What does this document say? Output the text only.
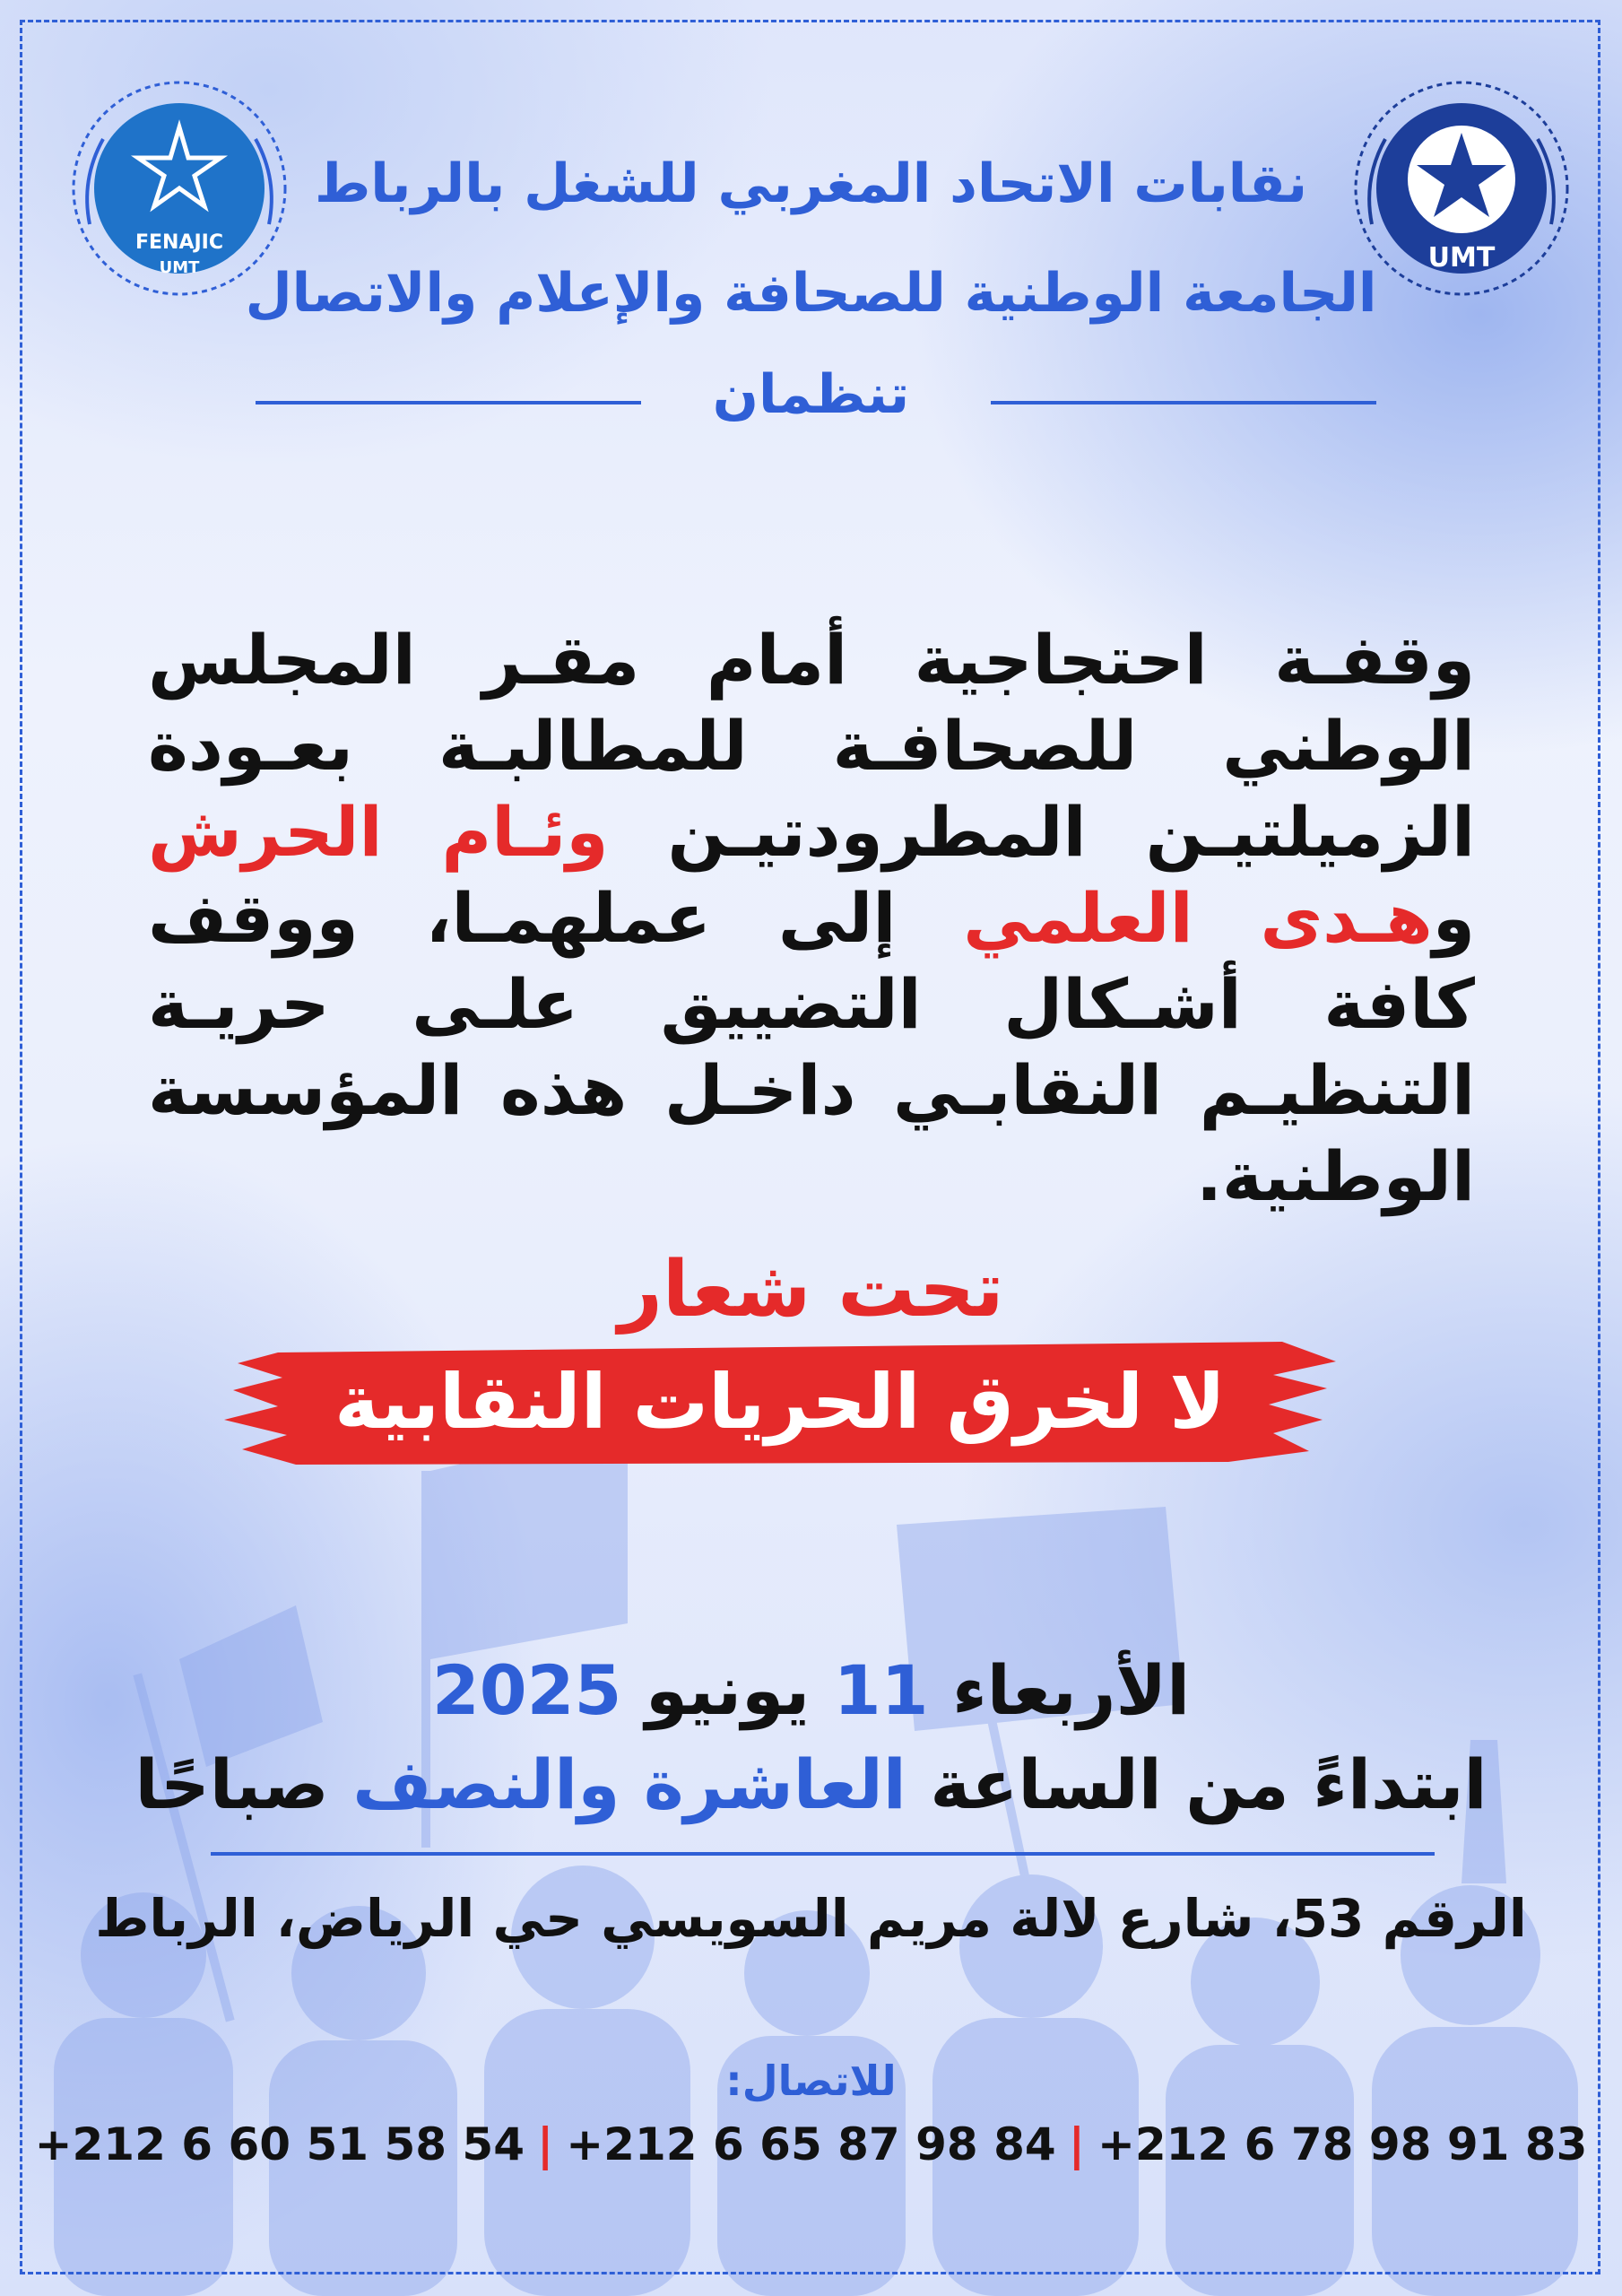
FENAJIC
UMT	UMT
نقابات الاتحاد المغربي للشغل بالرباط
الجامعة الوطنية للصحافة والإعلام والاتصال
تنظمان
وقفـة احتجاجية أمام مقـر المجلس الوطني للصحافـة للمطالبـة بعـودة الزميلتيـن المطرودتيـن وئـام الحرش وهـدى العلمي إلى عملهمـا، ووقف كافة أشـكال التضييق علـى حريـة التنظيـم النقابـي داخـل هذه المؤسسة الوطنية.
تحت شعار
لا لخرق الحريات النقابية
الأربعاء 11 يونيو 2025
ابتداءً من الساعة العاشرة والنصف صباحًا
الرقم 53، شارع لالة مريم السويسي حي الرياض، الرباط
للاتصال:
+212 6 60 51 58 54 | +212 6 65 87 98 84 | +212 6 78 98 91 83
